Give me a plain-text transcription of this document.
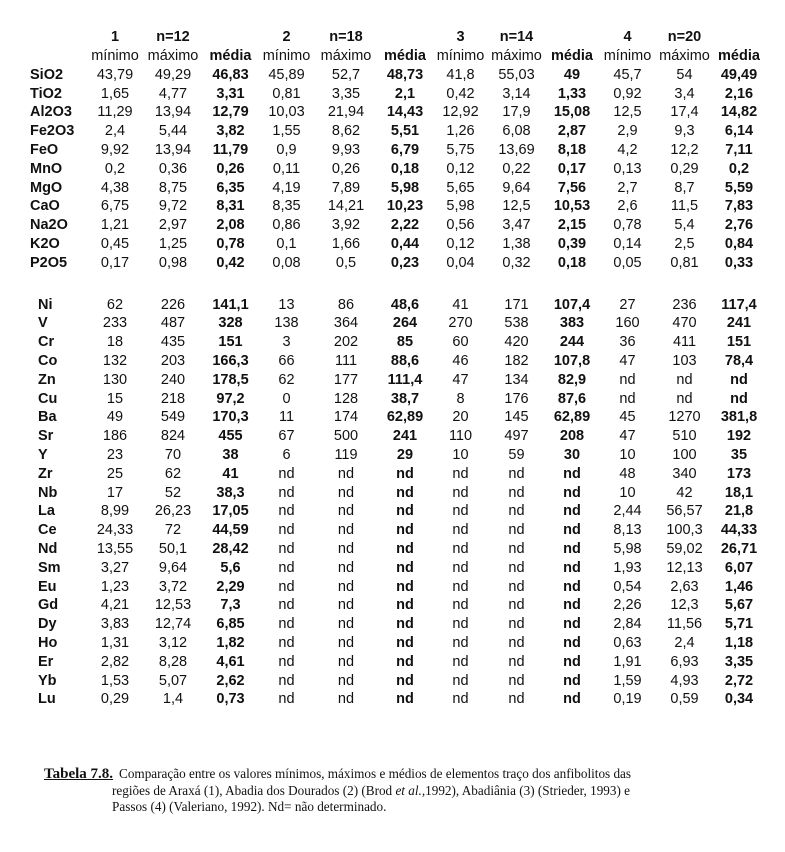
	1	n=12		2	n=18		3	n=14		4	n=20	
	mínimo	máximo	média	mínimo	máximo	média	mínimo	máximo	média	mínimo	máximo	média
SiO2	43,79	49,29	46,83	45,89	52,7	48,73	41,8	55,03	49	45,7	54	49,49
TiO2	1,65	4,77	3,31	0,81	3,35	2,1	0,42	3,14	1,33	0,92	3,4	2,16
Al2O3	11,29	13,94	12,79	10,03	21,94	14,43	12,92	17,9	15,08	12,5	17,4	14,82
Fe2O3	2,4	5,44	3,82	1,55	8,62	5,51	1,26	6,08	2,87	2,9	9,3	6,14
FeO	9,92	13,94	11,79	0,9	9,93	6,79	5,75	13,69	8,18	4,2	12,2	7,11
MnO	0,2	0,36	0,26	0,11	0,26	0,18	0,12	0,22	0,17	0,13	0,29	0,2
MgO	4,38	8,75	6,35	4,19	7,89	5,98	5,65	9,64	7,56	2,7	8,7	5,59
CaO	6,75	9,72	8,31	8,35	14,21	10,23	5,98	12,5	10,53	2,6	11,5	7,83
Na2O	1,21	2,97	2,08	0,86	3,92	2,22	0,56	3,47	2,15	0,78	5,4	2,76
K2O	0,45	1,25	0,78	0,1	1,66	0,44	0,12	1,38	0,39	0,14	2,5	0,84
P2O5	0,17	0,98	0,42	0,08	0,5	0,23	0,04	0,32	0,18	0,05	0,81	0,33

Ni	62	226	141,1	13	86	48,6	41	171	107,4	27	236	117,4
V	233	487	328	138	364	264	270	538	383	160	470	241
Cr	18	435	151	3	202	85	60	420	244	36	411	151
Co	132	203	166,3	66	111	88,6	46	182	107,8	47	103	78,4
Zn	130	240	178,5	62	177	111,4	47	134	82,9	nd	nd	nd
Cu	15	218	97,2	0	128	38,7	8	176	87,6	nd	nd	nd
Ba	49	549	170,3	11	174	62,89	20	145	62,89	45	1270	381,8
Sr	186	824	455	67	500	241	110	497	208	47	510	192
Y	23	70	38	6	119	29	10	59	30	10	100	35
Zr	25	62	41	nd	nd	nd	nd	nd	nd	48	340	173
Nb	17	52	38,3	nd	nd	nd	nd	nd	nd	10	42	18,1
La	8,99	26,23	17,05	nd	nd	nd	nd	nd	nd	2,44	56,57	21,8
Ce	24,33	72	44,59	nd	nd	nd	nd	nd	nd	8,13	100,3	44,33
Nd	13,55	50,1	28,42	nd	nd	nd	nd	nd	nd	5,98	59,02	26,71
Sm	3,27	9,64	5,6	nd	nd	nd	nd	nd	nd	1,93	12,13	6,07
Eu	1,23	3,72	2,29	nd	nd	nd	nd	nd	nd	0,54	2,63	1,46
Gd	4,21	12,53	7,3	nd	nd	nd	nd	nd	nd	2,26	12,3	5,67
Dy	3,83	12,74	6,85	nd	nd	nd	nd	nd	nd	2,84	11,56	5,71
Ho	1,31	3,12	1,82	nd	nd	nd	nd	nd	nd	0,63	2,4	1,18
Er	2,82	8,28	4,61	nd	nd	nd	nd	nd	nd	1,91	6,93	3,35
Yb	1,53	5,07	2,62	nd	nd	nd	nd	nd	nd	1,59	4,93	2,72
Lu	0,29	1,4	0,73	nd	nd	nd	nd	nd	nd	0,19	0,59	0,34

Tabela 7.8. Comparação entre os valores mínimos, máximos e médios de elementos traço dos anfibolitos das

regiões de Araxá (1), Abadia dos Dourados (2) (Brod et al.,1992), Abadiânia (3) (Strieder, 1993) e

Passos (4) (Valeriano, 1992). Nd= não determinado.
